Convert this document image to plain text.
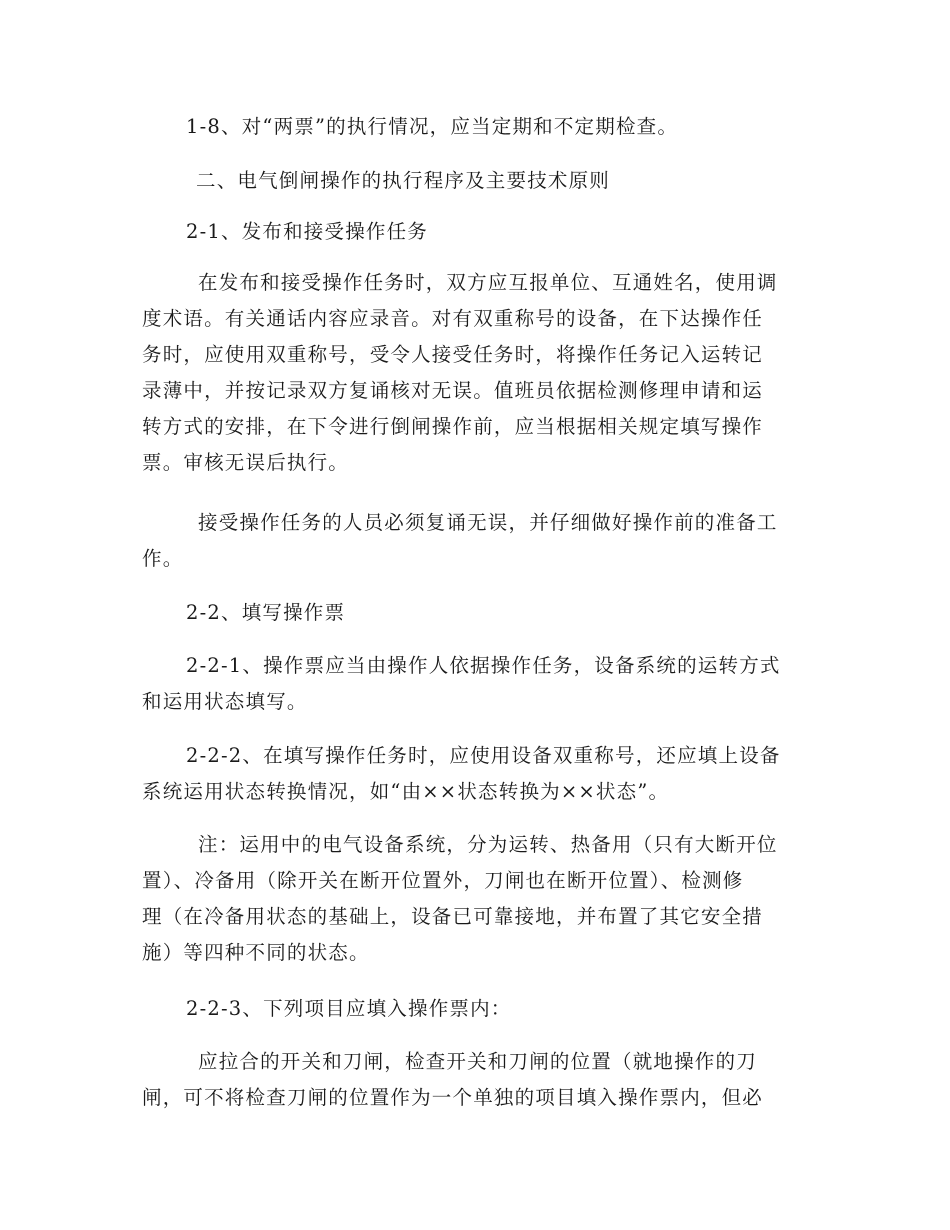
1-8、对“两票”的执行情况，应当定期和不定期检查。
二、电气倒闸操作的执行程序及主要技术原则
2-1、发布和接受操作任务
在发布和接受操作任务时，双方应互报单位、互通姓名，使用调
度术语。有关通话内容应录音。对有双重称号的设备，在下达操作任
务时，应使用双重称号，受令人接受任务时，将操作任务记入运转记
录薄中，并按记录双方复诵核对无误。值班员依据检测修理申请和运
转方式的安排，在下令进行倒闸操作前，应当根据相关规定填写操作
票。审核无误后执行。
接受操作任务的人员必须复诵无误，并仔细做好操作前的准备工
作。
2-2、填写操作票
2-2-1、操作票应当由操作人依据操作任务，设备系统的运转方式
和运用状态填写。
2-2-2、在填写操作任务时，应使用设备双重称号，还应填上设备
系统运用状态转换情况，如“由××状态转换为××状态”。
注：运用中的电气设备系统，分为运转、热备用（只有大断开位
置）、冷备用（除开关在断开位置外，刀闸也在断开位置）、检测修
理（在冷备用状态的基础上，设备已可靠接地，并布置了其它安全措
施）等四种不同的状态。
2-2-3、下列项目应填入操作票内：
应拉合的开关和刀闸，检查开关和刀闸的位置（就地操作的刀
闸，可不将检查刀闸的位置作为一个单独的项目填入操作票内，但必
